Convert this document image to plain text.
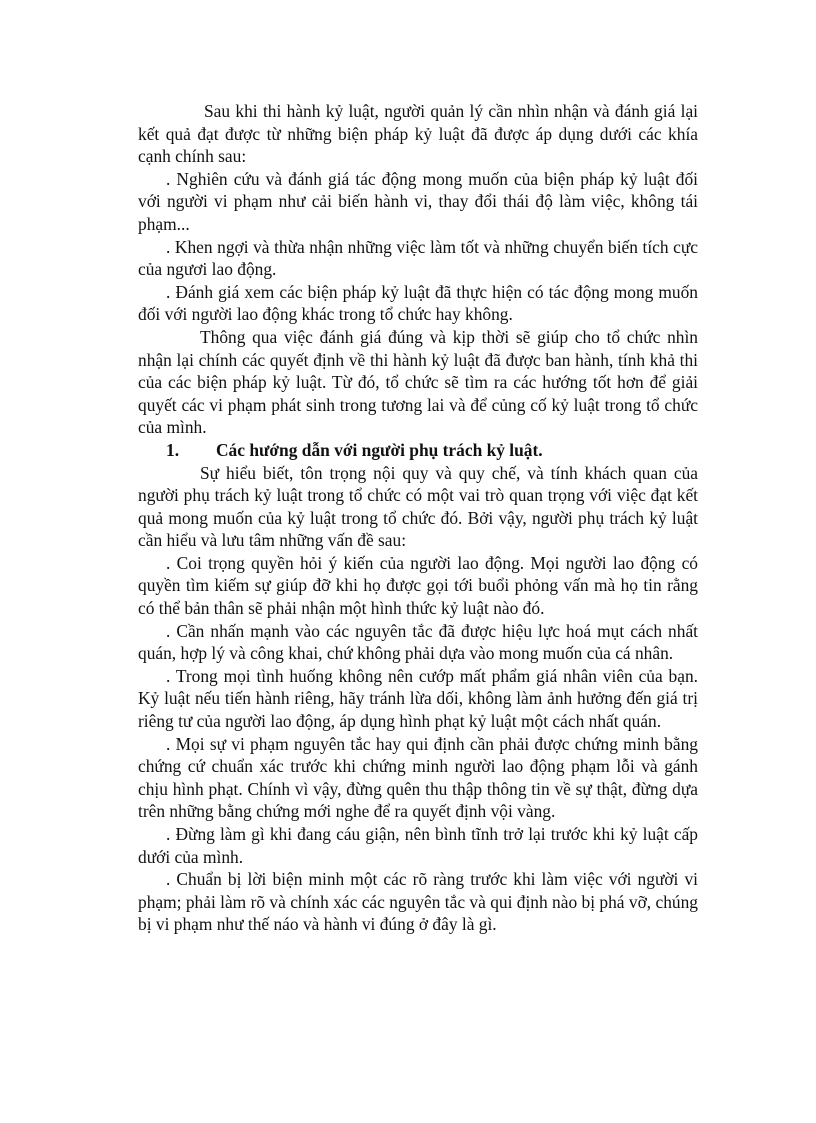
Sau khi thi hành kỷ luật, người quản lý cần nhìn nhận và đánh giá lại kết quả đạt được từ những biện pháp kỷ luật đã được áp dụng dưới các khía cạnh chính sau:

. Nghiên cứu và đánh giá tác động mong muốn của biện pháp kỷ luật đối với người vi phạm như cải biến hành vi, thay đổi thái độ làm việc, không tái phạm...

. Khen ngợi và thừa nhận những việc làm tốt và những chuyển biến tích cực của ngươi lao động.

. Đánh giá xem các biện pháp kỷ luật đã thực hiện có tác động mong muốn đối với người lao động khác trong tổ chức hay không.

Thông qua việc đánh giá đúng và kịp thời sẽ giúp cho tổ chức nhìn nhận lại chính các quyết định về thi hành kỷ luật đã được ban hành, tính khả thi của các biện pháp kỷ luật. Từ đó, tổ chức sẽ tìm ra các hướng tốt hơn để giải quyết các vi phạm phát sinh trong tương lai và để củng cố kỷ luật trong tổ chức của mình.

1. Các hướng dẫn với người phụ trách kỷ luật.

Sự hiểu biết, tôn trọng nội quy và quy chế, và tính khách quan của người phụ trách kỷ luật trong tổ chức có một vai trò quan trọng với việc đạt kết quả mong muốn của kỷ luật trong tổ chức đó. Bởi vậy, người phụ trách kỷ luật cần hiểu và lưu tâm những vấn đề sau:

. Coi trọng quyền hỏi ý kiến của người lao động. Mọi người lao động có quyền tìm kiếm sự giúp đỡ khi họ được gọi tới buổi phỏng vấn mà họ tin rằng có thể bản thân sẽ phải nhận một hình thức kỷ luật nào đó.

. Cần nhấn mạnh vào các nguyên tắc đã được hiệu lực hoá mụt cách nhất quán, hợp lý và công khai, chứ không phải dựa vào mong muốn của cá nhân.

. Trong mọi tình huống không nên cướp mất phẩm giá nhân viên của bạn. Kỷ luật nếu tiến hành riêng, hãy tránh lừa dối, không làm ảnh hưởng đến giá trị riêng tư của người lao động, áp dụng hình phạt kỷ luật một cách nhất quán.

. Mọi sự vi phạm nguyên tắc hay qui định cần phải được chứng minh bằng chứng cứ chuẩn xác trước khi chứng minh người lao động phạm lỗi và gánh chịu hình phạt. Chính vì vậy, đừng quên thu thập thông tin về sự thật, đừng dựa trên những bằng chứng mới nghe để ra quyết định vội vàng.

. Đừng làm gì khi đang cáu giận, nên bình tĩnh trở lại trước khi kỷ luật cấp dưới của mình.

. Chuẩn bị lời biện minh một các rõ ràng trước khi làm việc với người vi phạm; phải làm rõ và chính xác các nguyên tắc và qui định nào bị phá vỡ, chúng bị vi phạm như thế náo và hành vi đúng ở đây là gì.
